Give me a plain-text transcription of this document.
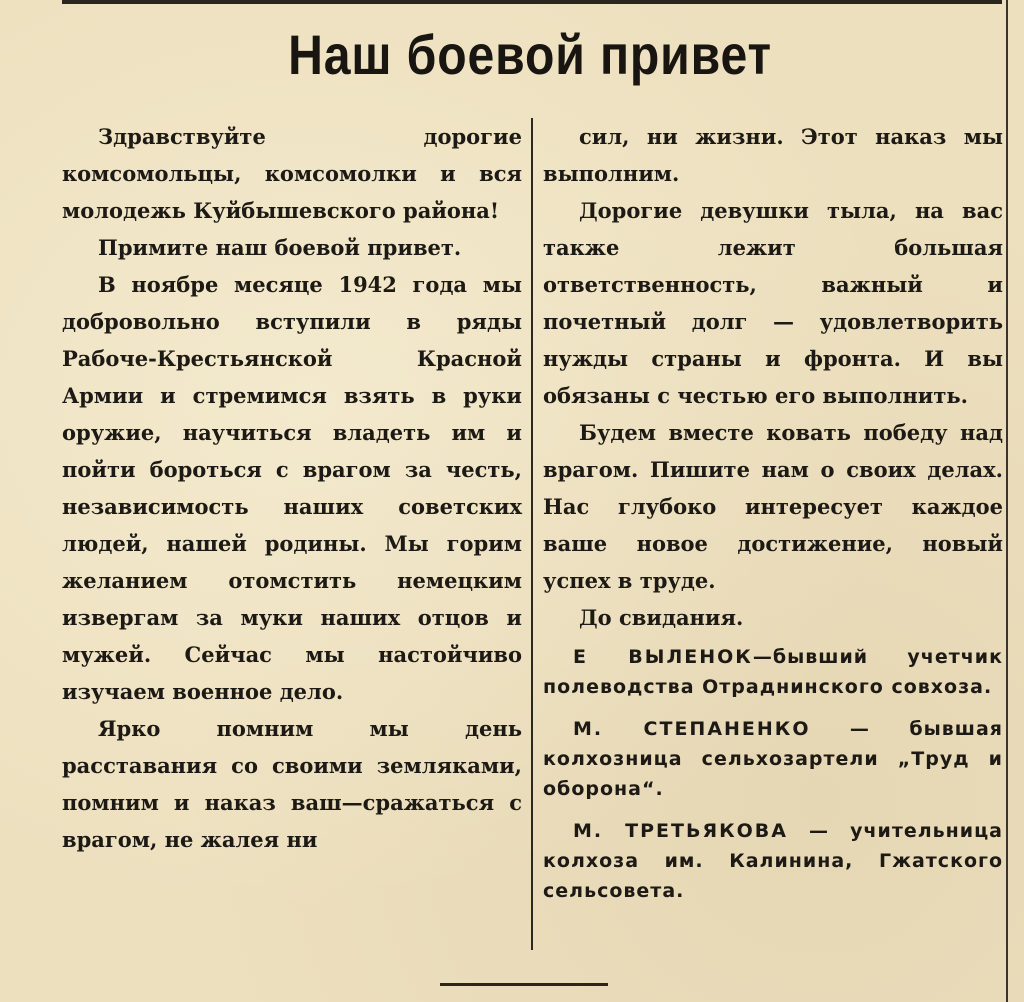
Наш боевой привет

Здравствуйте дорогие комсомольцы, комсомолки и вся молодежь Куйбышевского района!

Примите наш боевой привет.

В ноябре месяце 1942 года мы добровольно вступили в ряды Рабоче-Крестьянской Красной Армии и стремимся взять в руки оружие, научиться владеть им и пойти бороться с врагом за честь, независимость наших советских людей, нашей родины. Мы горим желанием отомстить немецким извергам за муки наших отцов и мужей. Сейчас мы настойчиво изучаем военное дело.

Ярко помним мы день расставания со своими земляками, помним и наказ ваш—сражаться с врагом, не жалея ни

сил, ни жизни. Этот наказ мы выполним.

Дорогие девушки тыла, на вас также лежит большая ответственность, важный и почетный долг — удовлетворить нужды страны и фронта. И вы обязаны с честью его выполнить.

Будем вместе ковать победу над врагом. Пишите нам о своих делах. Нас глубоко интересует каждое ваше новое достижение, новый успех в труде.

До свидания.

Е ВЫЛЕНОК—бывший учетчик полеводства Отраднинского совхоза.
М. СТЕПАНЕНКО — бывшая колхозница сельхозартели „Труд и оборона“.
М. ТРЕТЬЯКОВА — учительница колхоза им. Калинина, Гжатского сельсовета.
